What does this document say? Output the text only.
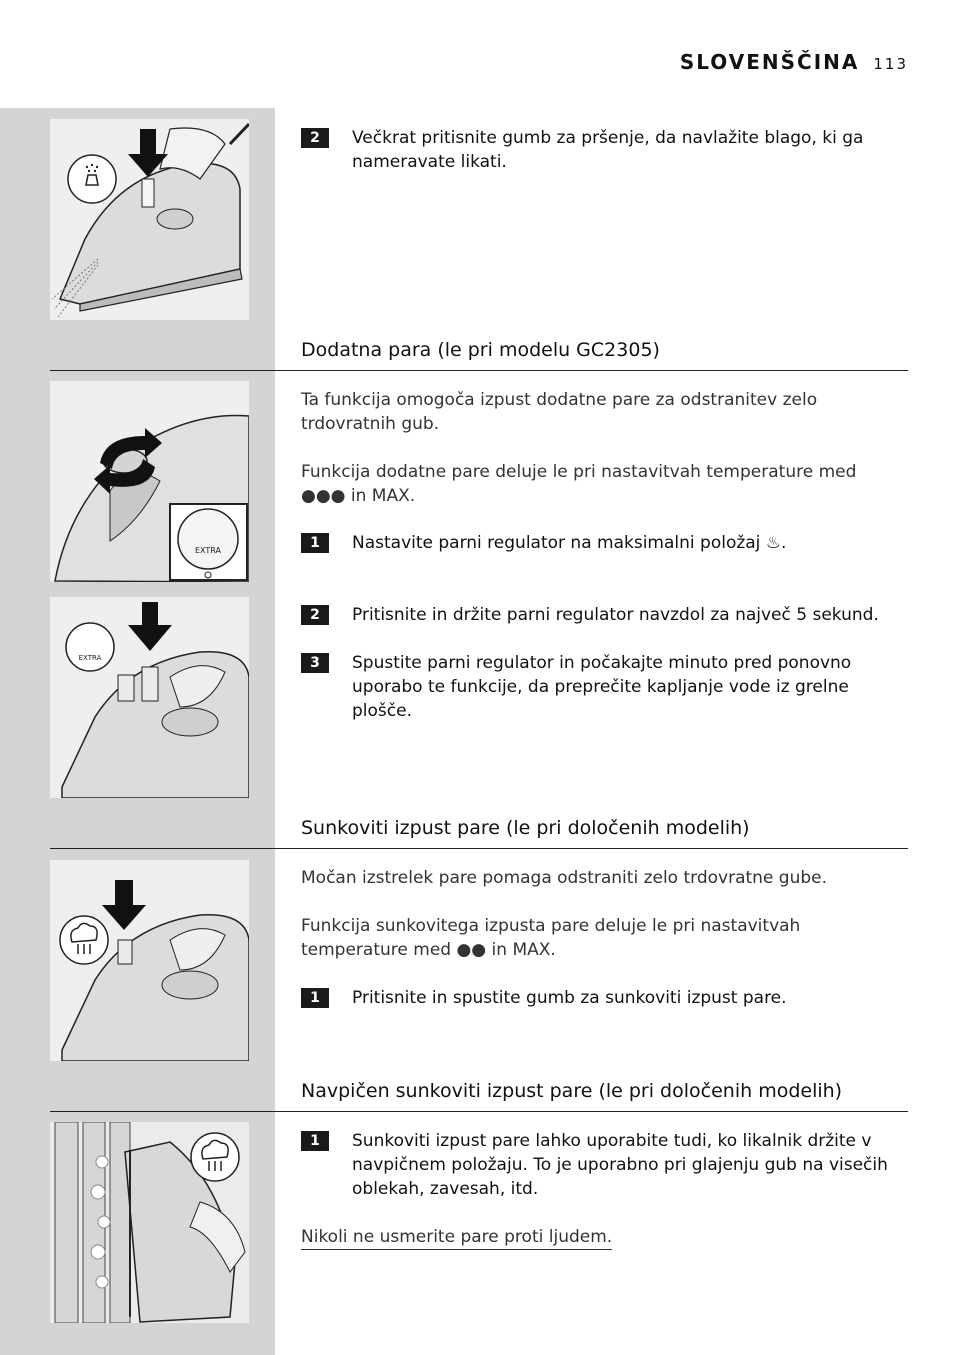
SLOVENŠČINA 113
EXTRA
EXTRA
2	Večkrat pritisnite gumb za pršenje, da navlažite blago, ki ga nameravate likati.
Dodatna para (le pri modelu GC2305)
Ta funkcija omogoča izpust dodatne pare za odstranitev zelo trdovratnih gub.
Funkcija dodatne pare deluje le pri nastavitvah temperature med ●●● in MAX.
1	Nastavite parni regulator na maksimalni položaj ♨.
2	Pritisnite in držite parni regulator navzdol za največ 5 sekund.
3	Spustite parni regulator in počakajte minuto pred ponovno uporabo te funkcije, da preprečite kapljanje vode iz grelne plošče.
Sunkoviti izpust pare (le pri določenih modelih)
Močan izstrelek pare pomaga odstraniti zelo trdovratne gube.
Funkcija sunkovitega izpusta pare deluje le pri nastavitvah temperature med ●● in MAX.
1	Pritisnite in spustite gumb za sunkoviti izpust pare.
Navpičen sunkoviti izpust pare (le pri določenih modelih)
1	Sunkoviti izpust pare lahko uporabite tudi, ko likalnik držite v navpičnem položaju. To je uporabno pri glajenju gub na visečih oblekah, zavesah, itd.
Nikoli ne usmerite pare proti ljudem.
